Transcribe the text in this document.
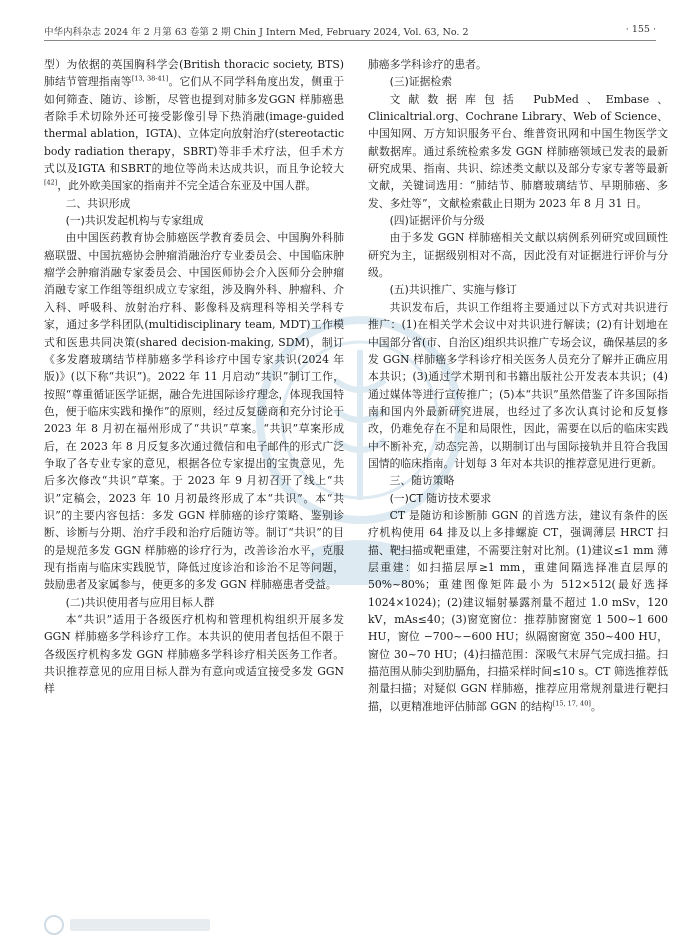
中华内科杂志 2024 年 2 月第 63 卷第 2 期 Chin J Intern Med, February 2024, Vol. 63, No. 2	· 155 ·

型）为依据的英国胸科学会(British thoracic society, BTS)肺结节管理指南等[13, 38-41]。它们从不同学科角度出发，侧重于如何筛查、随访、诊断，尽管也提到对肺多发GGN 样肺癌患者除手术切除外还可接受影像引导下热消融(image-guided thermal ablation，IGTA)、立体定向放射治疗(stereotactic body radiation therapy，SBRT)等非手术疗法，但手术方式以及IGTA 和SBRT的地位等尚未达成共识，而且争论较大[42]，此外欧美国家的指南并不完全适合东亚及中国人群。

二、共识形成
(一)共识发起机构与专家组成

由中国医药教育协会肺癌医学教育委员会、中国胸外科肺癌联盟、中国抗癌协会肿瘤消融治疗专业委员会、中国临床肿瘤学会肿瘤消融专家委员会、中国医师协会介入医师分会肿瘤消融专家工作组等组织成立专家组，涉及胸外科、肿瘤科、介入科、呼吸科、放射治疗科、影像科及病理科等相关学科专家，通过多学科团队(multidisciplinary team, MDT)工作模式和医患共同决策(shared decision-making, SDM)，制订《多发磨玻璃结节样肺癌多学科诊疗中国专家共识(2024 年版)》(以下称“共识”)。2022 年 11 月启动“共识”制订工作，按照“尊重循证医学证据，融合先进国际诊疗理念，体现我国特色，便于临床实践和操作”的原则，经过反复磋商和充分讨论于 2023 年 8 月初在福州形成了“共识”草案。“共识”草案形成后，在 2023 年 8 月反复多次通过微信和电子邮件的形式广泛争取了各专业专家的意见，根据各位专家提出的宝贵意见，先后多次修改“共识”草案。于 2023 年 9 月初召开了线上“共识”定稿会，2023 年 10 月初最终形成了本“共识”。本“共识”的主要内容包括：多发 GGN 样肺癌的诊疗策略、鉴别诊断、诊断与分期、治疗手段和治疗后随访等。制订“共识”的目的是规范多发 GGN 样肺癌的诊疗行为，改善诊治水平，克服现有指南与临床实践脱节，降低过度诊治和诊治不足等问题，鼓励患者及家属参与，使更多的多发 GGN 样肺癌患者受益。

(二)共识使用者与应用目标人群

本“共识”适用于各级医疗机构和管理机构组织开展多发 GGN 样肺癌多学科诊疗工作。本共识的使用者包括但不限于各级医疗机构多发 GGN 样肺癌多学科诊疗相关医务工作者。共识推荐意见的应用目标人群为有意向或适宜接受多发 GGN 样

肺癌多学科诊疗的患者。

(三)证据检索

文献数据库包括 PubMed、Embase、Clinicaltrial.org、Cochrane Library、Web of Science、中国知网、万方知识服务平台、维普资讯网和中国生物医学文献数据库。通过系统检索多发 GGN 样肺癌领域已发表的最新研究成果、指南、共识、综述类文献以及部分专家专著等最新文献，关键词选用：“肺结节、肺磨玻璃结节、早期肺癌、多发、多灶等”，文献检索截止日期为 2023 年 8 月 31 日。

(四)证据评价与分级

由于多发 GGN 样肺癌相关文献以病例系列研究或回顾性研究为主，证据级别相对不高，因此没有对证据进行评价与分级。

(五)共识推广、实施与修订

共识发布后，共识工作组将主要通过以下方式对共识进行推广：(1)在相关学术会议中对共识进行解读；(2)有计划地在中国部分省(市、自治区)组织共识推广专场会议，确保基层的多发 GGN 样肺癌多学科诊疗相关医务人员充分了解并正确应用本共识；(3)通过学术期刊和书籍出版社公开发表本共识；(4)通过媒体等进行宣传推广；(5)本“共识”虽然借鉴了许多国际指南和国内外最新研究进展，也经过了多次认真讨论和反复修改，仍难免存在不足和局限性，因此，需要在以后的临床实践中不断补充，动态完善，以期制订出与国际接轨并且符合我国国情的临床指南。计划每 3 年对本共识的推荐意见进行更新。

三、随访策略
(一)CT 随访技术要求

CT 是随访和诊断肺 GGN 的首选方法，建议有条件的医疗机构使用 64 排及以上多排螺旋 CT，强调薄层 HRCT 扫描、靶扫描或靶重建，不需要注射对比剂。(1)建议≤1 mm 薄层重建：如扫描层厚≥1 mm，重建间隔选择准直层厚的 50%~80%；重建图像矩阵最小为 512×512(最好选择 1024×1024)；(2)建议辐射暴露剂量不超过 1.0 mSv，120 kV，mAs≤40；(3)窗宽窗位：推荐肺窗窗宽 1 500~1 600 HU，窗位 −700~−600 HU；纵隔窗窗宽 350~400 HU，窗位 30~70 HU；(4)扫描范围：深吸气末屏气完成扫描。扫描范围从肺尖到肋膈角，扫描采样时间≤10 s。CT 筛选推荐低剂量扫描；对疑似 GGN 样肺癌，推荐应用常规剂量进行靶扫描，以更精准地评估肺部 GGN 的结构[15, 17, 40]。
